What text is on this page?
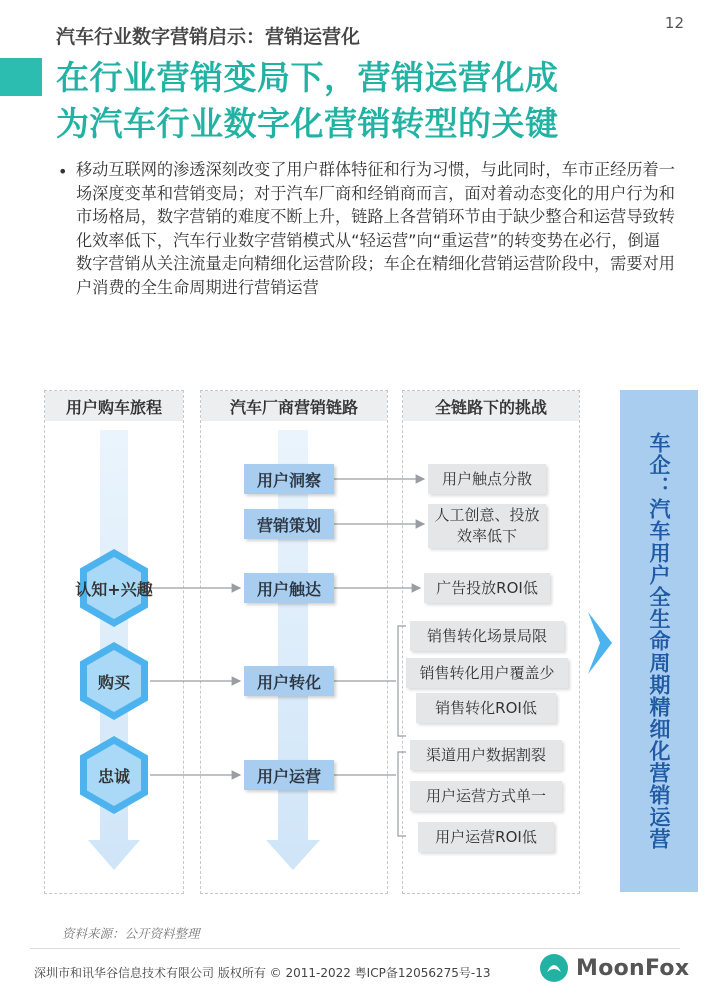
12
汽车行业数字营销启示：营销运营化
在行业营销变局下，营销运营化成
为汽车行业数字化营销转型的关键
• 移动互联网的渗透深刻改变了用户群体特征和行为习惯，与此同时，车市正经历着一场深度变革和营销变局；对于汽车厂商和经销商而言，面对着动态变化的用户行为和市场格局，数字营销的难度不断上升，链路上各营销环节由于缺少整合和运营导致转化效率低下，汽车行业数字营销模式从“轻运营”向“重运营”的转变势在必行，倒逼数字营销从关注流量走向精细化运营阶段；车企在精细化营销运营阶段中，需要对用户消费的全生命周期进行营销运营
用户购车旅程	汽车厂商营销链路	全链路下的挑战
认知+兴趣
购买
忠诚
用户洞察
营销策划
用户触达
用户转化
用户运营
用户触点分散
人工创意、投放效率低下
广告投放ROI低
销售转化场景局限
销售转化用户覆盖少
销售转化ROI低
渠道用户数据割裂
用户运营方式单一
用户运营ROI低	车企：汽车用户全生命周期精细化营销运营
资料来源：公开资料整理
深圳市和讯华谷信息技术有限公司 版权所有 © 2011-2022 粤ICP备12056275号-13	MoonFox
